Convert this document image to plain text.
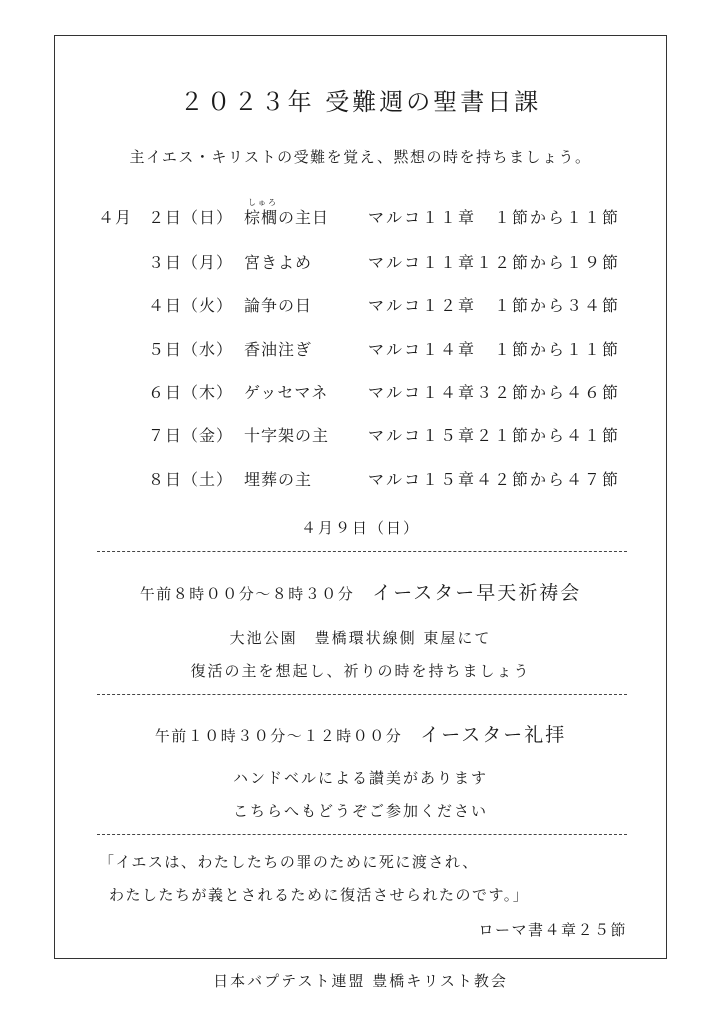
２０２３年 受難週の聖書日課
主イエス・キリストの受難を覚え、黙想の時を持ちましょう。
しゅろ
４月 ２日（日） 棕櫚の主日 マルコ１１章　１節から１１節
３日（月） 宮きよめ	マルコ１１章１２節から１９節
４日（火） 論争の日	マルコ１２章　１節から３４節
５日（水） 香油注ぎ	マルコ１４章　１節から１１節
６日（木） ゲッセマネ マルコ１４章３２節から４６節
７日（金） 十字架の主 マルコ１５章２１節から４１節
８日（土） 埋葬の主	マルコ１５章４２節から４７節
４月９日（日）
午前８時００分～８時３０分 イースター早天祈祷会
大池公園　豊橋環状線側 東屋にて
復活の主を想起し、祈りの時を持ちましょう
午前１０時３０分～１２時００分 イースター礼拝
ハンドベルによる讃美があります
こちらへもどうぞご参加ください
「イエスは、わたしたちの罪のために死に渡され、
わたしたちが義とされるために復活させられたのです。」
ローマ書４章２５節
日本バプテスト連盟 豊橋キリスト教会
